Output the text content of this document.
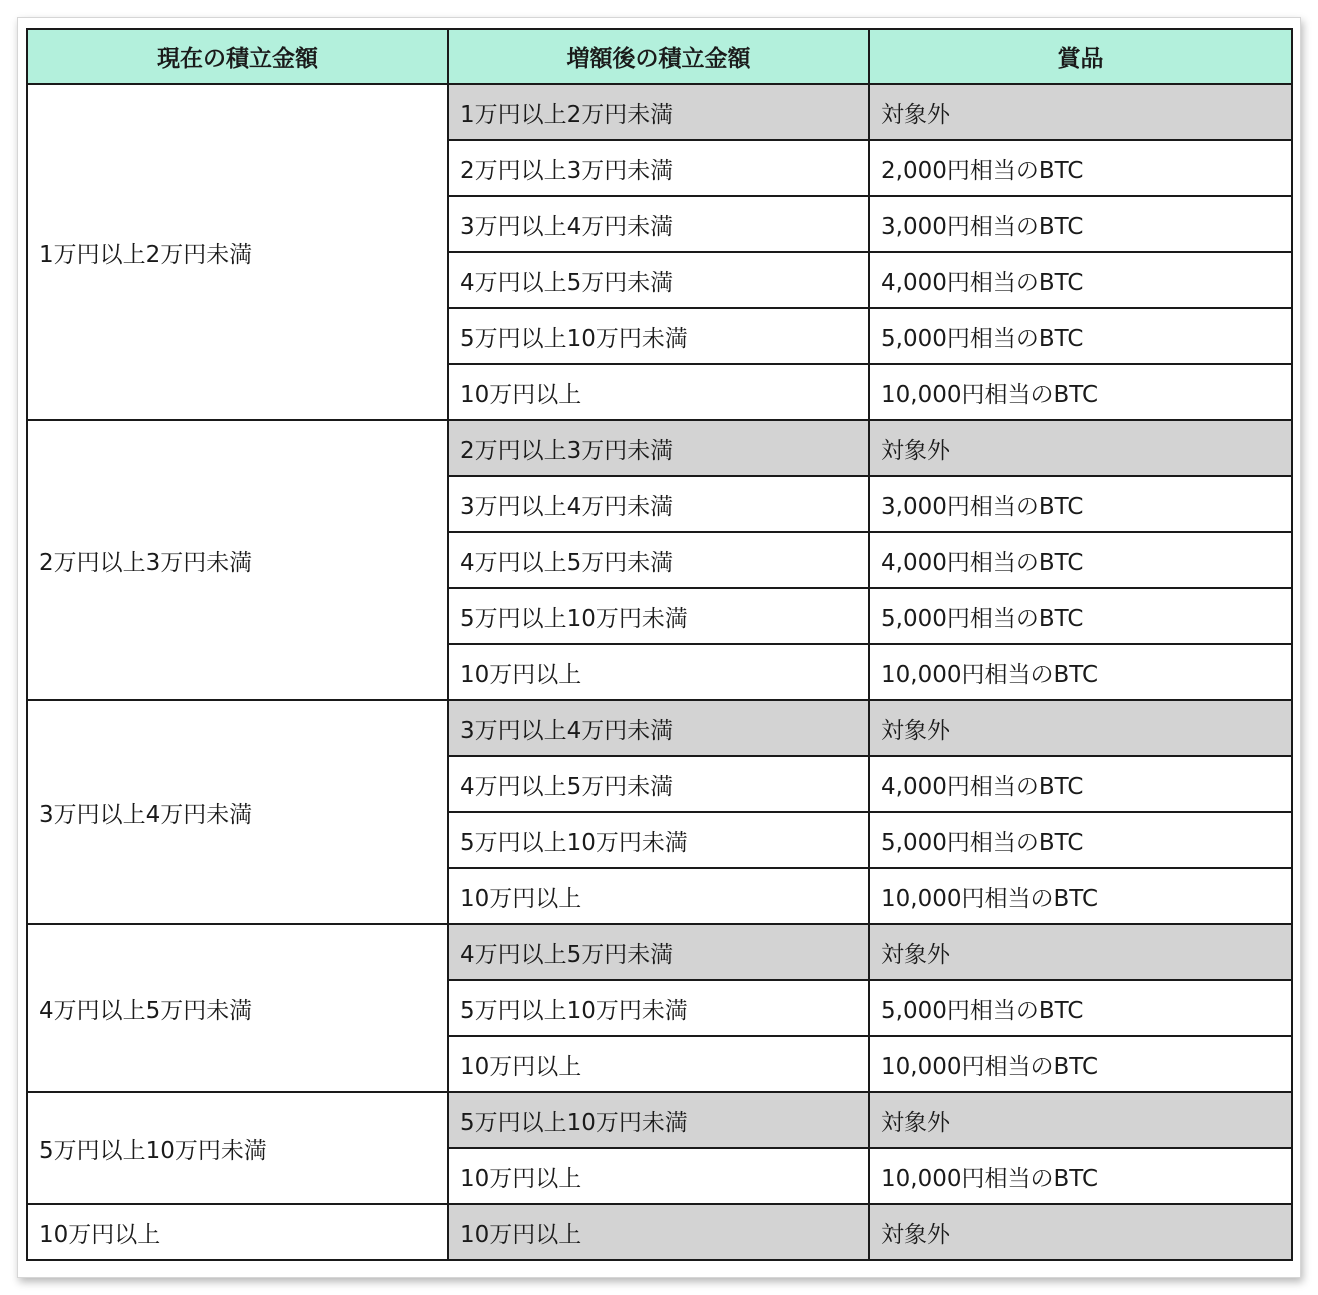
現在の積立金額	増額後の積立金額	賞品
1万円以上2万円未満	1万円以上2万円未満	対象外
	2万円以上3万円未満	2,000円相当のBTC
	3万円以上4万円未満	3,000円相当のBTC
	4万円以上5万円未満	4,000円相当のBTC
	5万円以上10万円未満	5,000円相当のBTC
	10万円以上	10,000円相当のBTC
2万円以上3万円未満	2万円以上3万円未満	対象外
	3万円以上4万円未満	3,000円相当のBTC
	4万円以上5万円未満	4,000円相当のBTC
	5万円以上10万円未満	5,000円相当のBTC
	10万円以上	10,000円相当のBTC
3万円以上4万円未満	3万円以上4万円未満	対象外
	4万円以上5万円未満	4,000円相当のBTC
	5万円以上10万円未満	5,000円相当のBTC
	10万円以上	10,000円相当のBTC
4万円以上5万円未満	4万円以上5万円未満	対象外
	5万円以上10万円未満	5,000円相当のBTC
	10万円以上	10,000円相当のBTC
5万円以上10万円未満	5万円以上10万円未満	対象外
	10万円以上	10,000円相当のBTC
10万円以上	10万円以上	対象外
